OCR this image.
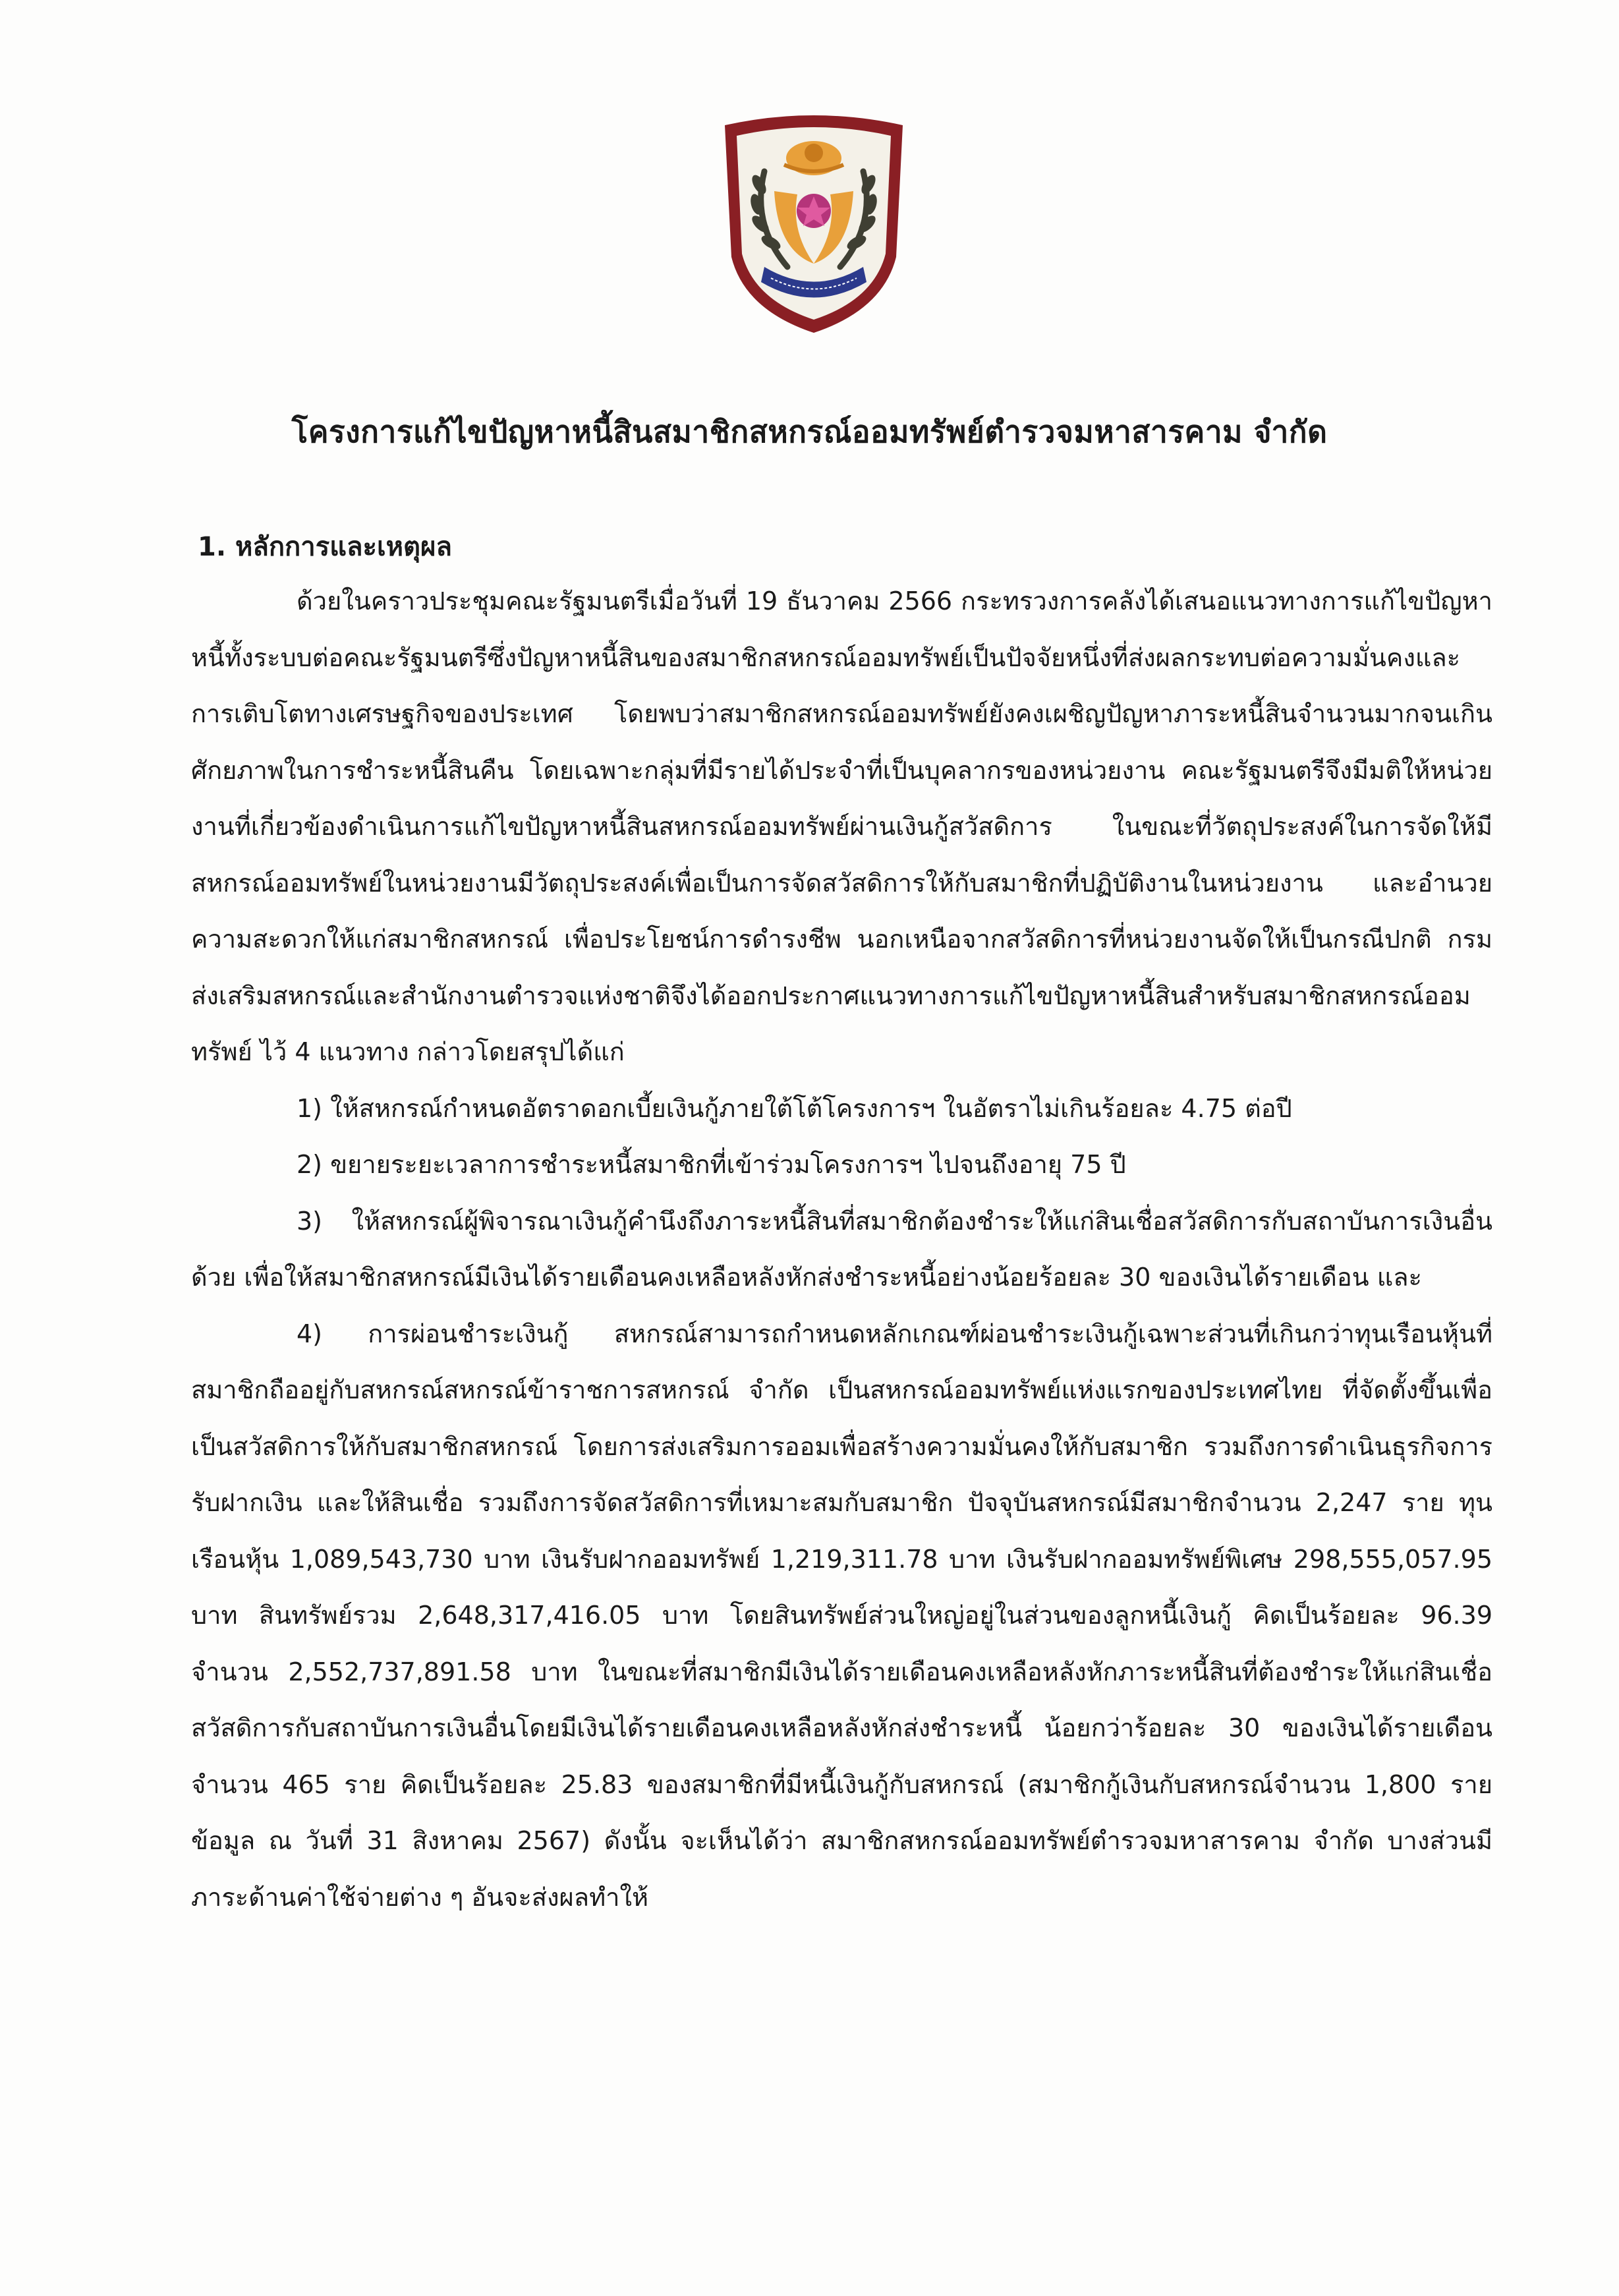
โครงการแก้ไขปัญหาหนี้สินสมาชิกสหกรณ์ออมทรัพย์ตำรวจมหาสารคาม จำกัด
1. หลักการและเหตุผล

ด้วยในคราวประชุมคณะรัฐมนตรีเมื่อวันที่ 19 ธันวาคม 2566 กระทรวงการคลังได้เสนอแนวทางการแก้ไขปัญหาหนี้ทั้งระบบต่อคณะรัฐมนตรีซึ่งปัญหาหนี้สินของสมาชิกสหกรณ์ออมทรัพย์เป็นปัจจัยหนึ่งที่ส่งผลกระทบต่อความมั่นคงและการเติบโตทางเศรษฐกิจของประเทศ โดยพบว่าสมาชิกสหกรณ์ออมทรัพย์ยังคงเผชิญปัญหาภาระหนี้สินจำนวนมากจนเกินศักยภาพในการชำระหนี้สินคืน โดยเฉพาะกลุ่มที่มีรายได้ประจำที่เป็นบุคลากรของหน่วยงาน คณะรัฐมนตรีจึงมีมติให้หน่วยงานที่เกี่ยวข้องดำเนินการแก้ไขปัญหาหนี้สินสหกรณ์ออมทรัพย์ผ่านเงินกู้สวัสดิการ ในขณะที่วัตถุประสงค์ในการจัดให้มีสหกรณ์ออมทรัพย์ในหน่วยงานมีวัตถุประสงค์เพื่อเป็นการจัดสวัสดิการให้กับสมาชิกที่ปฏิบัติงานในหน่วยงาน และอำนวยความสะดวกให้แก่สมาชิกสหกรณ์ เพื่อประโยชน์การดำรงชีพ นอกเหนือจากสวัสดิการที่หน่วยงานจัดให้เป็นกรณีปกติ กรมส่งเสริมสหกรณ์และสำนักงานตำรวจแห่งชาติจึงได้ออกประกาศแนวทางการแก้ไขปัญหาหนี้สินสำหรับสมาชิกสหกรณ์ออมทรัพย์ ไว้ 4 แนวทาง กล่าวโดยสรุปได้แก่

1) ให้สหกรณ์กำหนดอัตราดอกเบี้ยเงินกู้ภายใต้โต้โครงการฯ ในอัตราไม่เกินร้อยละ 4.75 ต่อปี

2) ขยายระยะเวลาการชำระหนี้สมาชิกที่เข้าร่วมโครงการฯ ไปจนถึงอายุ 75 ปี

3) ให้สหกรณ์ผู้พิจารณาเงินกู้คำนึงถึงภาระหนี้สินที่สมาชิกต้องชำระให้แก่สินเชื่อสวัสดิการกับสถาบันการเงินอื่นด้วย เพื่อให้สมาชิกสหกรณ์มีเงินได้รายเดือนคงเหลือหลังหักส่งชำระหนี้อย่างน้อยร้อยละ 30 ของเงินได้รายเดือน และ

4) การผ่อนชำระเงินกู้ สหกรณ์สามารถกำหนดหลักเกณฑ์ผ่อนชำระเงินกู้เฉพาะส่วนที่เกินกว่าทุนเรือนหุ้นที่สมาชิกถืออยู่กับสหกรณ์สหกรณ์ข้าราชการสหกรณ์ จำกัด เป็นสหกรณ์ออมทรัพย์แห่งแรกของประเทศไทย ที่จัดตั้งขึ้นเพื่อเป็นสวัสดิการให้กับสมาชิกสหกรณ์ โดยการส่งเสริมการออมเพื่อสร้างความมั่นคงให้กับสมาชิก รวมถึงการดำเนินธุรกิจการรับฝากเงิน และให้สินเชื่อ รวมถึงการจัดสวัสดิการที่เหมาะสมกับสมาชิก ปัจจุบันสหกรณ์มีสมาชิกจำนวน 2,247 ราย ทุนเรือนหุ้น 1,089,543,730 บาท เงินรับฝากออมทรัพย์ 1,219,311.78 บาท เงินรับฝากออมทรัพย์พิเศษ 298,555,057.95 บาท สินทรัพย์รวม 2,648,317,416.05 บาท โดยสินทรัพย์ส่วนใหญ่อยู่ในส่วนของลูกหนี้เงินกู้ คิดเป็นร้อยละ 96.39 จำนวน 2,552,737,891.58 บาท ในขณะที่สมาชิกมีเงินได้รายเดือนคงเหลือหลังหักภาระหนี้สินที่ต้องชำระให้แก่สินเชื่อสวัสดิการกับสถาบันการเงินอื่นโดยมีเงินได้รายเดือนคงเหลือหลังหักส่งชำระหนี้ น้อยกว่าร้อยละ 30 ของเงินได้รายเดือน จำนวน 465 ราย คิดเป็นร้อยละ 25.83 ของสมาชิกที่มีหนี้เงินกู้กับสหกรณ์ (สมาชิกกู้เงินกับสหกรณ์จำนวน 1,800 ราย ข้อมูล ณ วันที่ 31 สิงหาคม 2567) ดังนั้น จะเห็นได้ว่า สมาชิกสหกรณ์ออมทรัพย์ตำรวจมหาสารคาม จำกัด บางส่วนมีภาระด้านค่าใช้จ่ายต่าง ๆ อันจะส่งผลทำให้
